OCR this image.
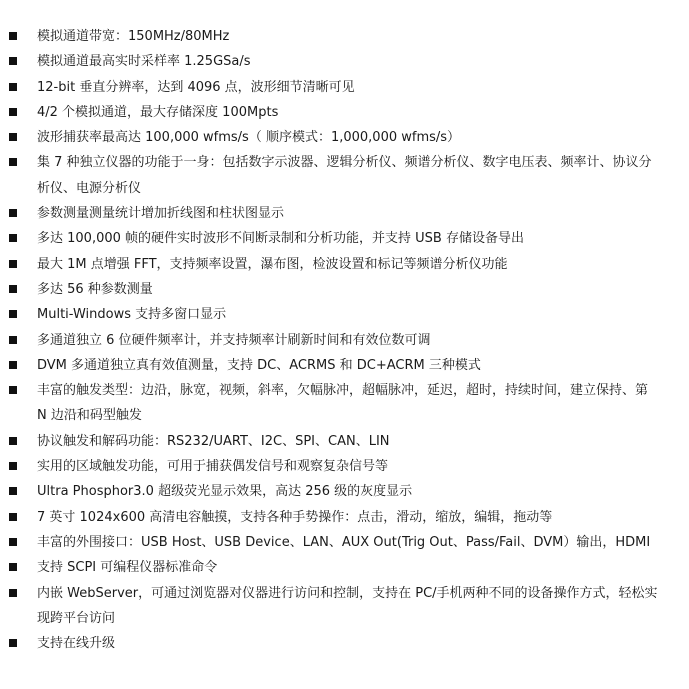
模拟通道带宽：150MHz/80MHz
模拟通道最高实时采样率 1.25GSa/s
12-bit 垂直分辨率，达到 4096 点，波形细节清晰可见
4/2 个模拟通道，最大存储深度 100Mpts
波形捕获率最高达 100,000 wfms/s（ 顺序模式：1,000,000 wfms/s）
集 7 种独立仪器的功能于一身：包括数字示波器、逻辑分析仪、频谱分析仪、数字电压表、频率计、协议分析仪、电源分析仪
参数测量测量统计增加折线图和柱状图显示
多达 100,000 帧的硬件实时波形不间断录制和分析功能，并支持 USB 存储设备导出
最大 1M 点增强 FFT，支持频率设置，瀑布图，检波设置和标记等频谱分析仪功能
多达 56 种参数测量
Multi-Windows 支持多窗口显示
多通道独立 6 位硬件频率计，并支持频率计刷新时间和有效位数可调
DVM 多通道独立真有效值测量，支持 DC、ACRMS 和 DC+ACRM 三种模式
丰富的触发类型：边沿，脉宽，视频，斜率，欠幅脉冲，超幅脉冲，延迟，超时，持续时间，建立保持、第 N 边沿和码型触发
协议触发和解码功能：RS232/UART、I2C、SPI、CAN、LIN
实用的区域触发功能，可用于捕获偶发信号和观察复杂信号等
Ultra Phosphor3.0 超级荧光显示效果，高达 256 级的灰度显示
7 英寸 1024x600 高清电容触摸，支持各种手势操作：点击，滑动，缩放，编辑，拖动等
丰富的外围接口：USB Host、USB Device、LAN、AUX Out(Trig Out、Pass/Fail、DVM）输出，HDMI
支持 SCPI 可编程仪器标准命令
内嵌 WebServer，可通过浏览器对仪器进行访问和控制，支持在 PC/手机两种不同的设备操作方式，轻松实现跨平台访问
支持在线升级
